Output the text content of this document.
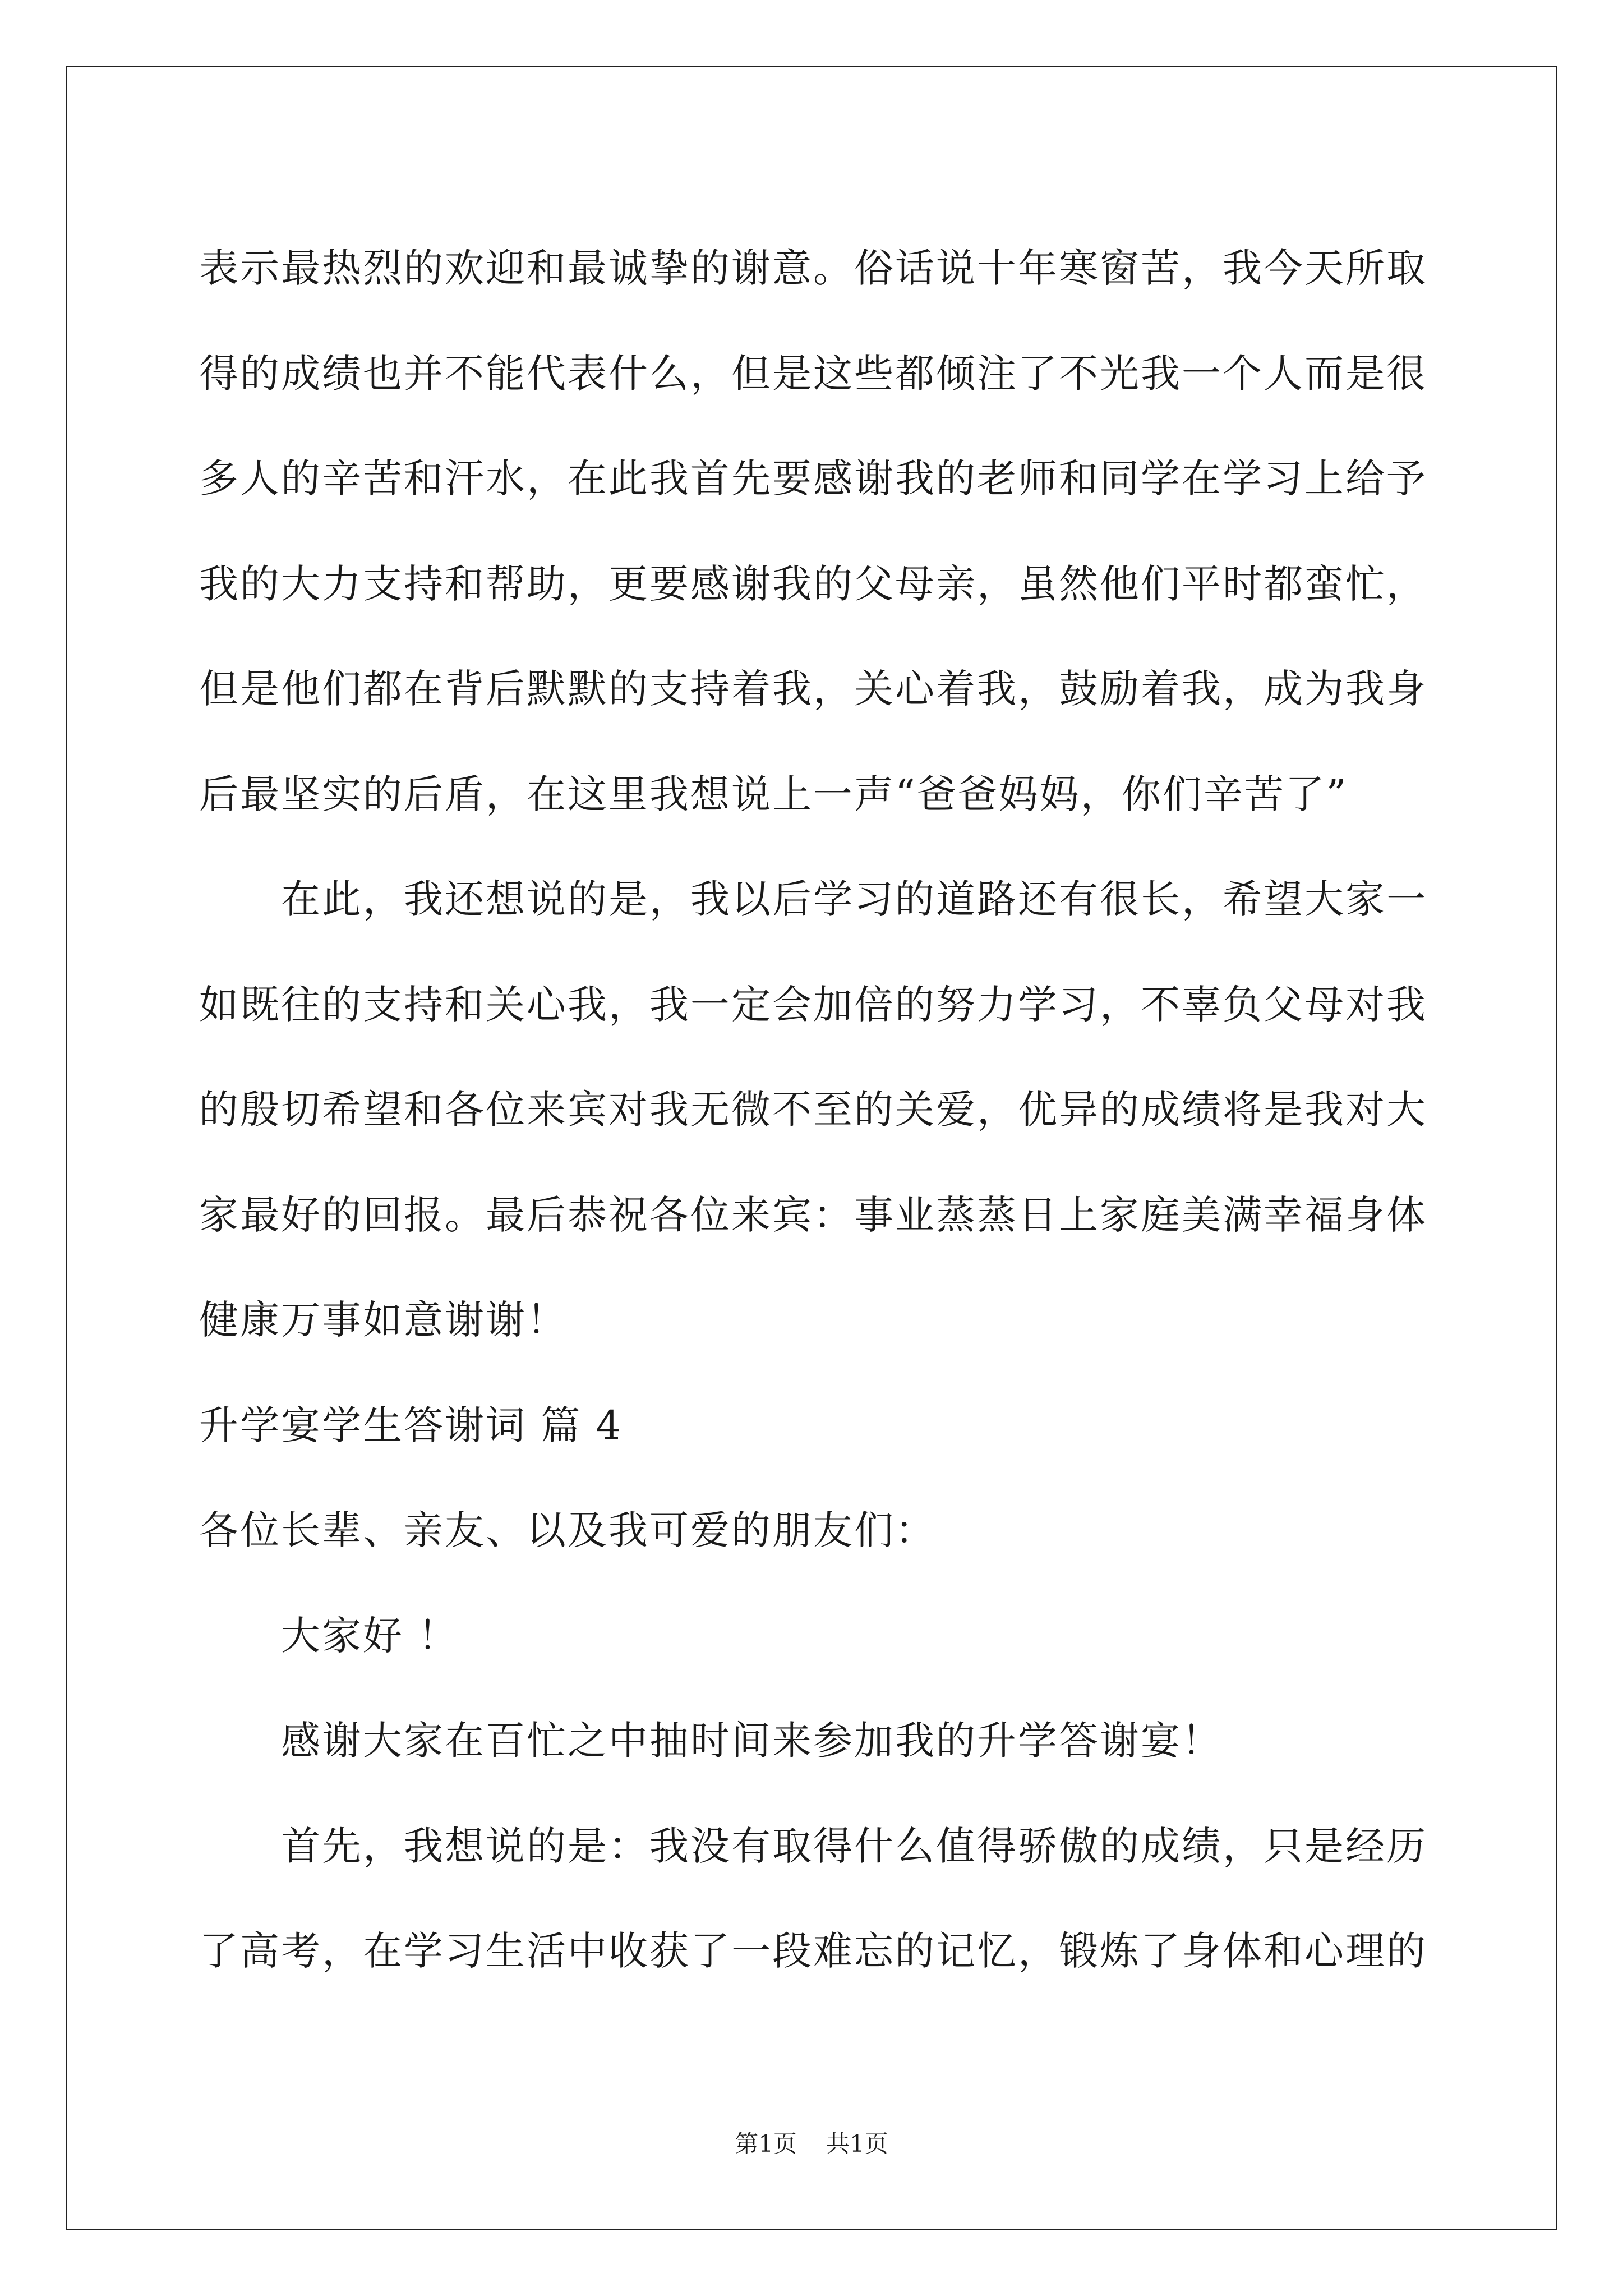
表示最热烈的欢迎和最诚挚的谢意。俗话说十年寒窗苦，我今天所取
得的成绩也并不能代表什么，但是这些都倾注了不光我一个人而是很
多人的辛苦和汗水，在此我首先要感谢我的老师和同学在学习上给予
我的大力支持和帮助，更要感谢我的父母亲，虽然他们平时都蛮忙，
但是他们都在背后默默的支持着我，关心着我，鼓励着我，成为我身
后最坚实的后盾，在这里我想说上一声“爸爸妈妈，你们辛苦了”
在此，我还想说的是，我以后学习的道路还有很长，希望大家一
如既往的支持和关心我，我一定会加倍的努力学习，不辜负父母对我
的殷切希望和各位来宾对我无微不至的关爱，优异的成绩将是我对大
家最好的回报。最后恭祝各位来宾：事业蒸蒸日上家庭美满幸福身体
健康万事如意谢谢！
升学宴学生答谢词 篇 4
各位长辈、亲友、以及我可爱的朋友们：
大家好 ！
感谢大家在百忙之中抽时间来参加我的升学答谢宴！
首先，我想说的是：我没有取得什么值得骄傲的成绩，只是经历
了高考，在学习生活中收获了一段难忘的记忆，锻炼了身体和心理的
第1页 共1页
